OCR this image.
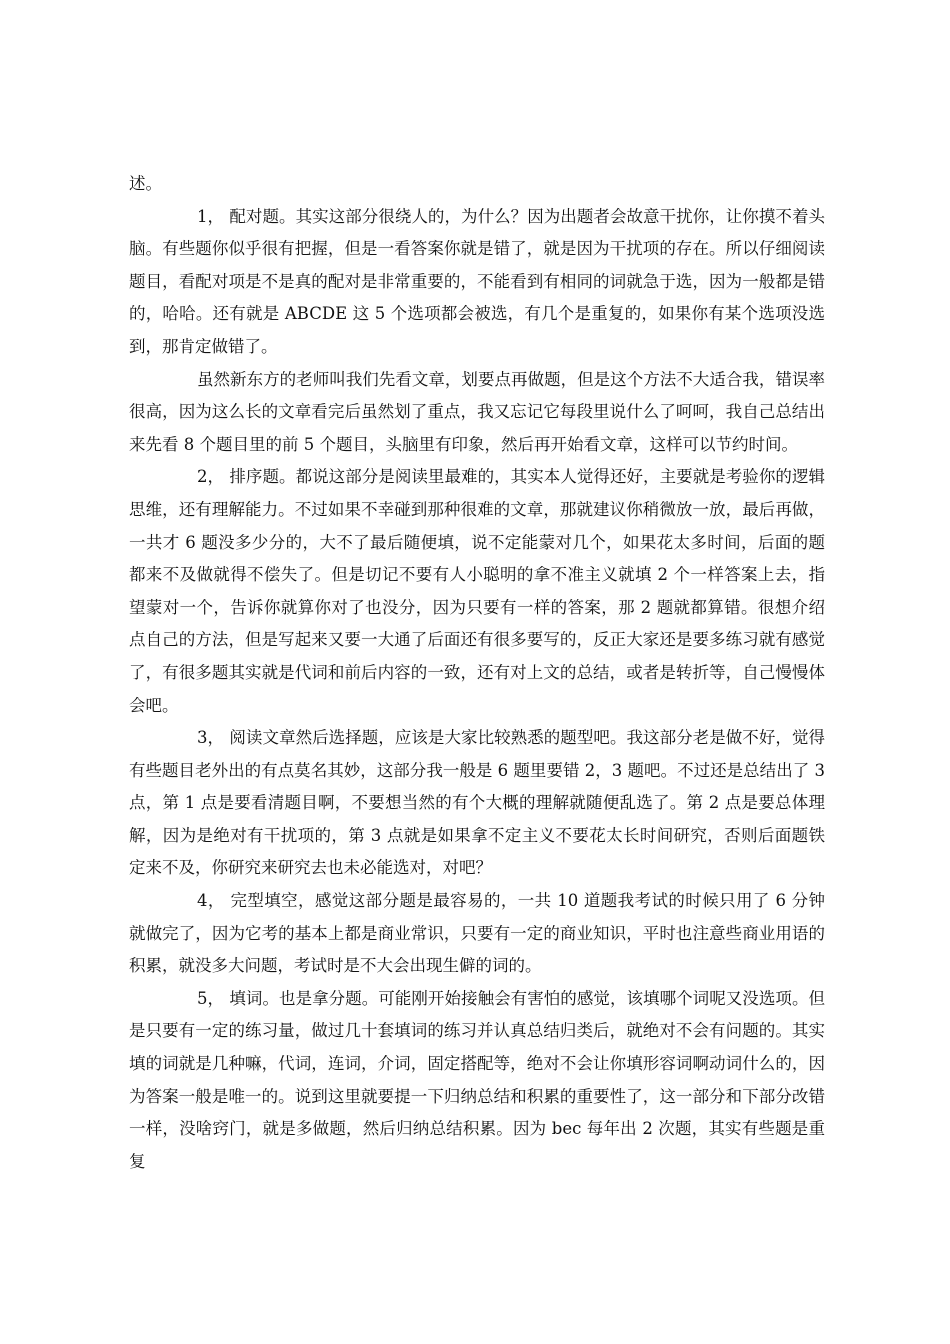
述。

1， 配对题。其实这部分很绕人的，为什么？因为出题者会故意干扰你，让你摸不着头脑。有些题你似乎很有把握，但是一看答案你就是错了，就是因为干扰项的存在。所以仔细阅读题目，看配对项是不是真的配对是非常重要的，不能看到有相同的词就急于选，因为一般都是错的，哈哈。还有就是 ABCDE 这 5 个选项都会被选，有几个是重复的，如果你有某个选项没选到，那肯定做错了。

虽然新东方的老师叫我们先看文章，划要点再做题，但是这个方法不大适合我，错误率很高，因为这么长的文章看完后虽然划了重点，我又忘记它每段里说什么了呵呵，我自己总结出来先看 8 个题目里的前 5 个题目，头脑里有印象，然后再开始看文章，这样可以节约时间。

2， 排序题。都说这部分是阅读里最难的，其实本人觉得还好，主要就是考验你的逻辑思维，还有理解能力。不过如果不幸碰到那种很难的文章，那就建议你稍微放一放，最后再做，一共才 6 题没多少分的，大不了最后随便填，说不定能蒙对几个，如果花太多时间，后面的题都来不及做就得不偿失了。但是切记不要有人小聪明的拿不准主义就填 2 个一样答案上去，指望蒙对一个，告诉你就算你对了也没分，因为只要有一样的答案，那 2 题就都算错。很想介绍点自己的方法，但是写起来又要一大通了后面还有很多要写的，反正大家还是要多练习就有感觉了，有很多题其实就是代词和前后内容的一致，还有对上文的总结，或者是转折等，自己慢慢体会吧。

3， 阅读文章然后选择题，应该是大家比较熟悉的题型吧。我这部分老是做不好，觉得有些题目老外出的有点莫名其妙，这部分我一般是 6 题里要错 2，3 题吧。不过还是总结出了 3 点，第 1 点是要看清题目啊，不要想当然的有个大概的理解就随便乱选了。第 2 点是要总体理解，因为是绝对有干扰项的，第 3 点就是如果拿不定主义不要花太长时间研究，否则后面题铁定来不及，你研究来研究去也未必能选对，对吧？

4， 完型填空，感觉这部分题是最容易的，一共 10 道题我考试的时候只用了 6 分钟就做完了，因为它考的基本上都是商业常识，只要有一定的商业知识，平时也注意些商业用语的积累，就没多大问题，考试时是不大会出现生僻的词的。

5， 填词。也是拿分题。可能刚开始接触会有害怕的感觉，该填哪个词呢又没选项。但是只要有一定的练习量，做过几十套填词的练习并认真总结归类后，就绝对不会有问题的。其实填的词就是几种嘛，代词，连词，介词，固定搭配等，绝对不会让你填形容词啊动词什么的，因为答案一般是唯一的。说到这里就要提一下归纳总结和积累的重要性了，这一部分和下部分改错一样，没啥窍门，就是多做题，然后归纳总结积累。因为 bec 每年出 2 次题，其实有些题是重复
